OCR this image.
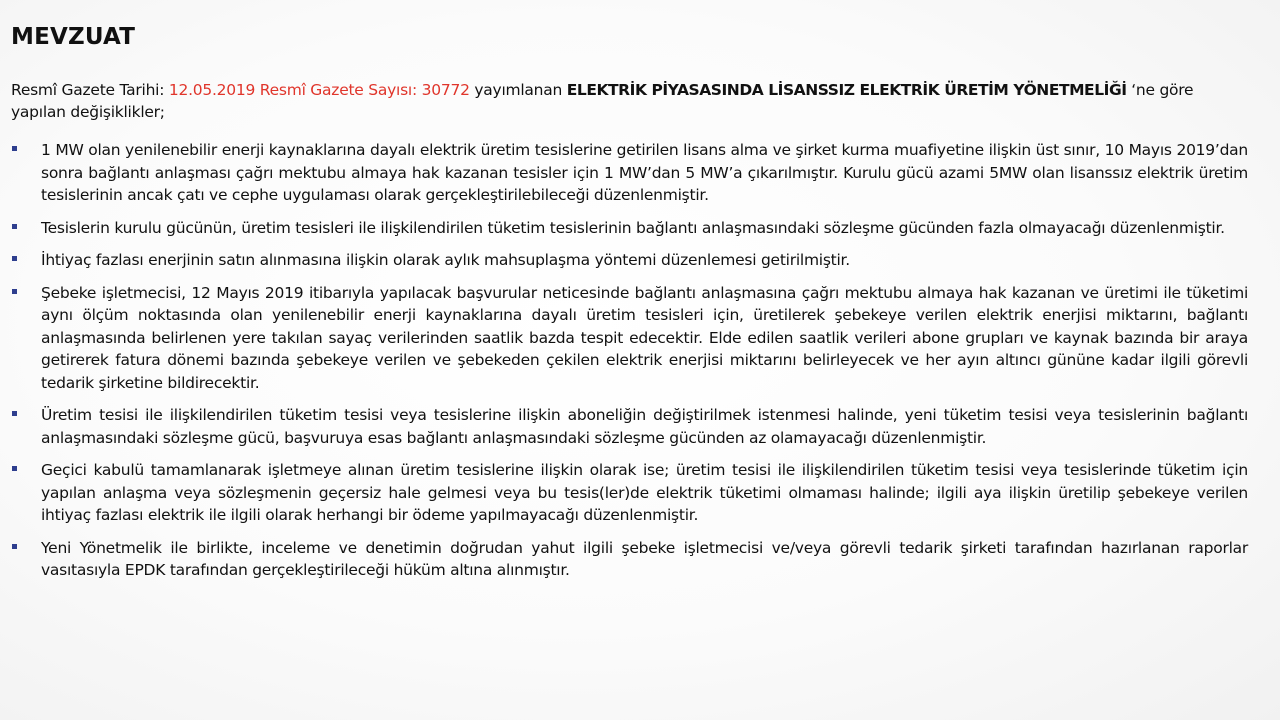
MEVZUAT

Resmî Gazete Tarihi: 12.05.2019 Resmî Gazete Sayısı: 30772 yayımlanan ELEKTRİK PİYASASINDA LİSANSSIZ ELEKTRİK ÜRETİM YÖNETMELİĞİ ‘ne göre yapılan değişiklikler;

1 MW olan yenilenebilir enerji kaynaklarına dayalı elektrik üretim tesislerine getirilen lisans alma ve şirket kurma muafiyetine ilişkin üst sınır, 10 Mayıs 2019’dan sonra bağlantı anlaşması çağrı mektubu almaya hak kazanan tesisler için 1 MW’dan 5 MW’a çıkarılmıştır. Kurulu gücü azami 5MW olan lisanssız elektrik üretim tesislerinin ancak çatı ve cephe uygulaması olarak gerçekleştirilebileceği düzenlenmiştir.
Tesislerin kurulu gücünün, üretim tesisleri ile ilişkilendirilen tüketim tesislerinin bağlantı anlaşmasındaki sözleşme gücünden fazla olmayacağı düzenlenmiştir.
İhtiyaç fazlası enerjinin satın alınmasına ilişkin olarak aylık mahsuplaşma yöntemi düzenlemesi getirilmiştir.
Şebeke işletmecisi, 12 Mayıs 2019 itibarıyla yapılacak başvurular neticesinde bağlantı anlaşmasına çağrı mektubu almaya hak kazanan ve üretimi ile tüketimi aynı ölçüm noktasında olan yenilenebilir enerji kaynaklarına dayalı üretim tesisleri için, üretilerek şebekeye verilen elektrik enerjisi miktarını, bağlantı anlaşmasında belirlenen yere takılan sayaç verilerinden saatlik bazda tespit edecektir. Elde edilen saatlik verileri abone grupları ve kaynak bazında bir araya getirerek fatura dönemi bazında şebekeye verilen ve şebekeden çekilen elektrik enerjisi miktarını belirleyecek ve her ayın altıncı gününe kadar ilgili görevli tedarik şirketine bildirecektir.
Üretim tesisi ile ilişkilendirilen tüketim tesisi veya tesislerine ilişkin aboneliğin değiştirilmek istenmesi halinde, yeni tüketim tesisi veya tesislerinin bağlantı anlaşmasındaki sözleşme gücü, başvuruya esas bağlantı anlaşmasındaki sözleşme gücünden az olamayacağı düzenlenmiştir.
Geçici kabulü tamamlanarak işletmeye alınan üretim tesislerine ilişkin olarak ise; üretim tesisi ile ilişkilendirilen tüketim tesisi veya tesislerinde tüketim için yapılan anlaşma veya sözleşmenin geçersiz hale gelmesi veya bu tesis(ler)de elektrik tüketimi olmaması halinde; ilgili aya ilişkin üretilip şebekeye verilen ihtiyaç fazlası elektrik ile ilgili olarak herhangi bir ödeme yapılmayacağı düzenlenmiştir.
Yeni Yönetmelik ile birlikte, inceleme ve denetimin doğrudan yahut ilgili şebeke işletmecisi ve/veya görevli tedarik şirketi tarafından hazırlanan raporlar vasıtasıyla EPDK tarafından gerçekleştirileceği hüküm altına alınmıştır.
